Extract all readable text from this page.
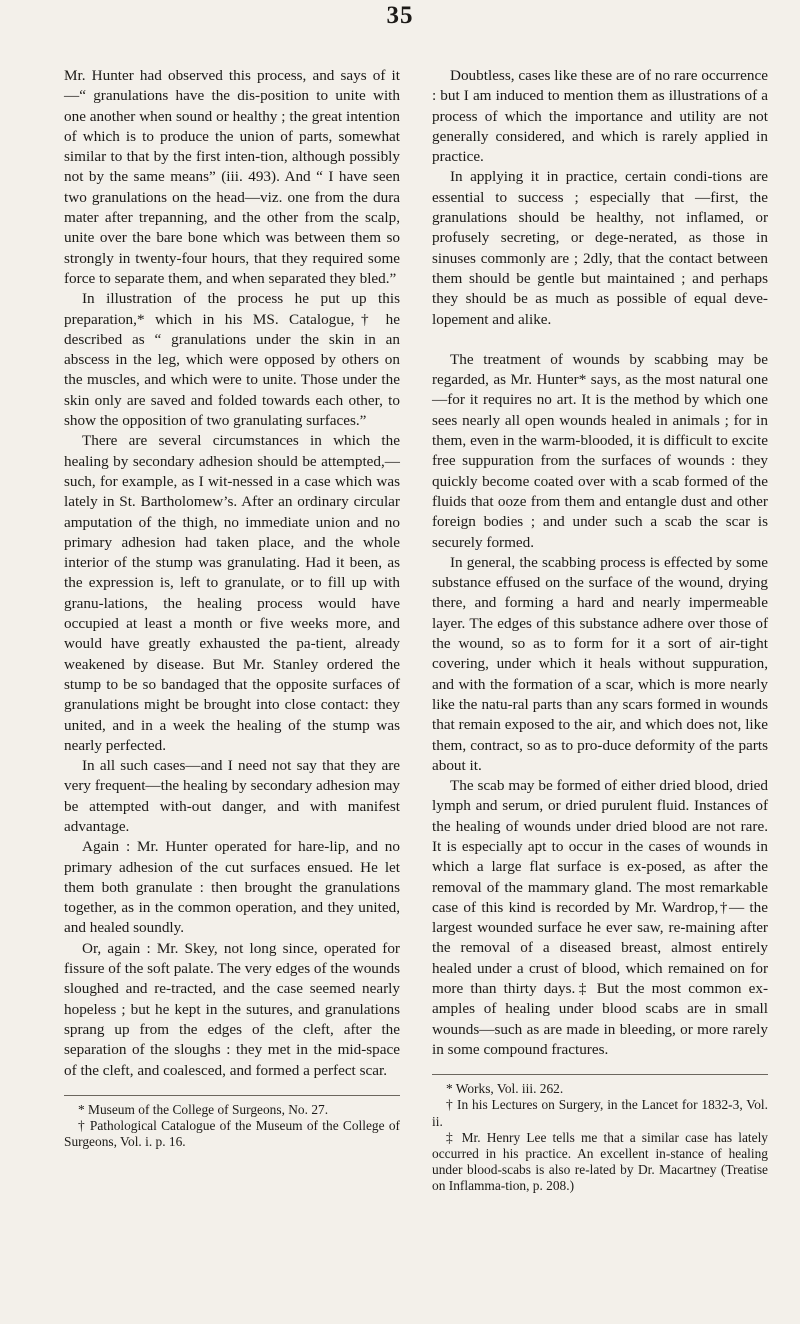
35

Mr. Hunter had observed this process, and says of it—“ granulations have the dis-position to unite with one another when sound or healthy ; the great intention of which is to produce the union of parts, somewhat similar to that by the first inten-tion, although possibly not by the same means” (iii. 493). And “ I have seen two granulations on the head—viz. one from the dura mater after trepanning, and the other from the scalp, unite over the bare bone which was between them so strongly in twenty-four hours, that they required some force to separate them, and when separated they bled.”

In illustration of the process he put up this preparation,* which in his MS. Catalogue,† he described as “ granulations under the skin in an abscess in the leg, which were opposed by others on the muscles, and which were to unite. Those under the skin only are saved and folded towards each other, to show the opposition of two granulating surfaces.”

There are several circumstances in which the healing by secondary adhesion should be attempted,—such, for example, as I wit-nessed in a case which was lately in St. Bartholomew’s. After an ordinary circular amputation of the thigh, no immediate union and no primary adhesion had taken place, and the whole interior of the stump was granulating. Had it been, as the expression is, left to granulate, or to fill up with granu-lations, the healing process would have occupied at least a month or five weeks more, and would have greatly exhausted the pa-tient, already weakened by disease. But Mr. Stanley ordered the stump to be so bandaged that the opposite surfaces of granulations might be brought into close contact: they united, and in a week the healing of the stump was nearly perfected.

In all such cases—and I need not say that they are very frequent—the healing by secondary adhesion may be attempted with-out danger, and with manifest advantage.

Again : Mr. Hunter operated for hare-lip, and no primary adhesion of the cut surfaces ensued. He let them both granulate : then brought the granulations together, as in the common operation, and they united, and healed soundly.

Or, again : Mr. Skey, not long since, operated for fissure of the soft palate. The very edges of the wounds sloughed and re-tracted, and the case seemed nearly hopeless ; but he kept in the sutures, and granulations sprang up from the edges of the cleft, after the separation of the sloughs : they met in the mid-space of the cleft, and coalesced, and formed a perfect scar.

* Museum of the College of Surgeons, No. 27.

† Pathological Catalogue of the Museum of the College of Surgeons, Vol. i. p. 16.

Doubtless, cases like these are of no rare occurrence : but I am induced to mention them as illustrations of a process of which the importance and utility are not generally considered, and which is rarely applied in practice.

In applying it in practice, certain condi-tions are essential to success ; especially that —first, the granulations should be healthy, not inflamed, or profusely secreting, or dege-nerated, as those in sinuses commonly are ; 2dly, that the contact between them should be gentle but maintained ; and perhaps they should be as much as possible of equal deve-lopement and alike.

The treatment of wounds by scabbing may be regarded, as Mr. Hunter* says, as the most natural one—for it requires no art. It is the method by which one sees nearly all open wounds healed in animals ; for in them, even in the warm-blooded, it is difficult to excite free suppuration from the surfaces of wounds : they quickly become coated over with a scab formed of the fluids that ooze from them and entangle dust and other foreign bodies ; and under such a scab the scar is securely formed.

In general, the scabbing process is effected by some substance effused on the surface of the wound, drying there, and forming a hard and nearly impermeable layer. The edges of this substance adhere over those of the wound, so as to form for it a sort of air-tight covering, under which it heals without suppuration, and with the formation of a scar, which is more nearly like the natu-ral parts than any scars formed in wounds that remain exposed to the air, and which does not, like them, contract, so as to pro-duce deformity of the parts about it.

The scab may be formed of either dried blood, dried lymph and serum, or dried purulent fluid. Instances of the healing of wounds under dried blood are not rare. It is especially apt to occur in the cases of wounds in which a large flat surface is ex-posed, as after the removal of the mammary gland. The most remarkable case of this kind is recorded by Mr. Wardrop,†— the largest wounded surface he ever saw, re-maining after the removal of a diseased breast, almost entirely healed under a crust of blood, which remained on for more than thirty days.‡ But the most common ex-amples of healing under blood scabs are in small wounds—such as are made in bleeding, or more rarely in some compound fractures.

* Works, Vol. iii. 262.

† In his Lectures on Surgery, in the Lancet for 1832-3, Vol. ii.

‡ Mr. Henry Lee tells me that a similar case has lately occurred in his practice. An excellent in-stance of healing under blood-scabs is also re-lated by Dr. Macartney (Treatise on Inflamma-tion, p. 208.)
